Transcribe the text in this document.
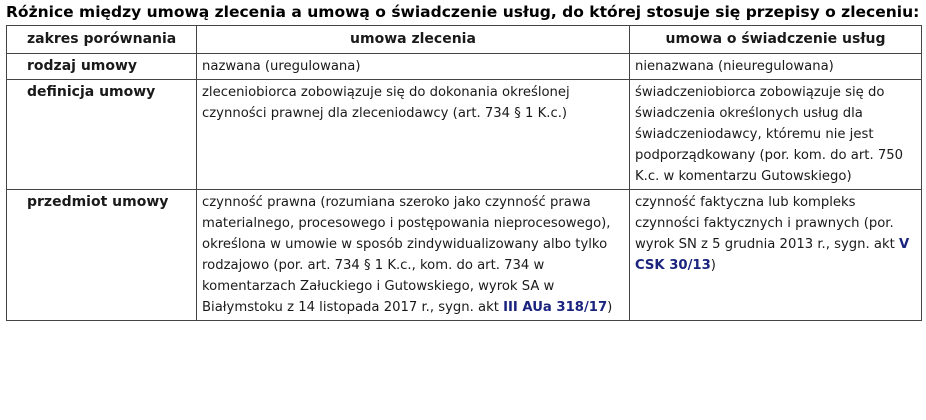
Różnice między umową zlecenia a umową o świadczenie usług, do której stosuje się przepisy o zleceniu:
zakres porównania	umowa zlecenia	umowa o świadczenie usług
rodzaj umowy	nazwana (uregulowana)	nienazwana (nieuregulowana)
definicja umowy	zleceniobiorca zobowiązuje się do dokonania określonej czynności prawnej dla zleceniodawcy (art. 734 § 1 K.c.)	świadczeniobiorca zobowiązuje się do świadczenia określonych usług dla świadczeniodawcy, któremu nie jest podporządkowany (por. kom. do art. 750 K.c. w komentarzu Gutowskiego)
przedmiot umowy	czynność prawna (rozumiana szeroko jako czynność prawa materialnego, procesowego i postępowania nieprocesowego), określona w umowie w sposób zindywidualizowany albo tylko rodzajowo (por. art. 734 § 1 K.c., kom. do art. 734 w komentarzach Załuckiego i Gutowskiego, wyrok SA w Białymstoku z 14 listopada 2017 r., sygn. akt III AUa 318/17)	czynność faktyczna lub kompleks czynności faktycznych i prawnych (por. wyrok SN z 5 grudnia 2013 r., sygn. akt V CSK 30/13)
